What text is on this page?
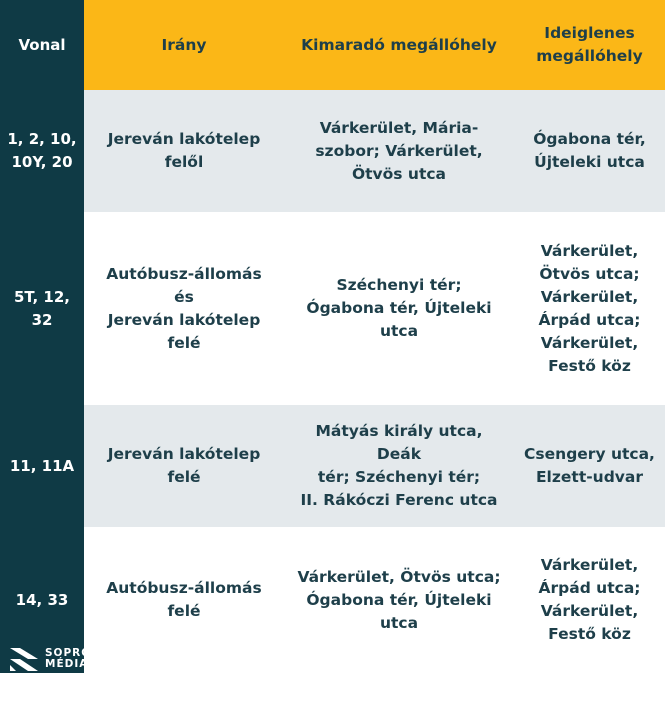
Vonal	Irány	Kimaradó megállóhely
Ideiglenes
megállóhely
1, 2, 10,
10Y, 20
Jereván lakótelep
felől
Várkerület, Mária-
szobor; Várkerület,
Ötvös utca
Ógabona tér,
Újteleki utca
5T, 12,
32
Autóbusz-állomás és
Jereván lakótelep
felé
Széchenyi tér;
Ógabona tér, Újteleki
utca
Várkerület,
Ötvös utca;
Várkerület,
Árpád utca;
Várkerület,
Festő köz
11, 11A
Jereván lakótelep
felé
Mátyás király utca, Deák
tér; Széchenyi tér;
II. Rákóczi Ferenc utca
Csengery utca,
Elzett-udvar
14, 33
Autóbusz-állomás
felé
Várkerület, Ötvös utca;
Ógabona tér, Újteleki
utca
Várkerület,
Árpád utca;
Várkerület,
Festő köz
SOPRO
MÉDIA
